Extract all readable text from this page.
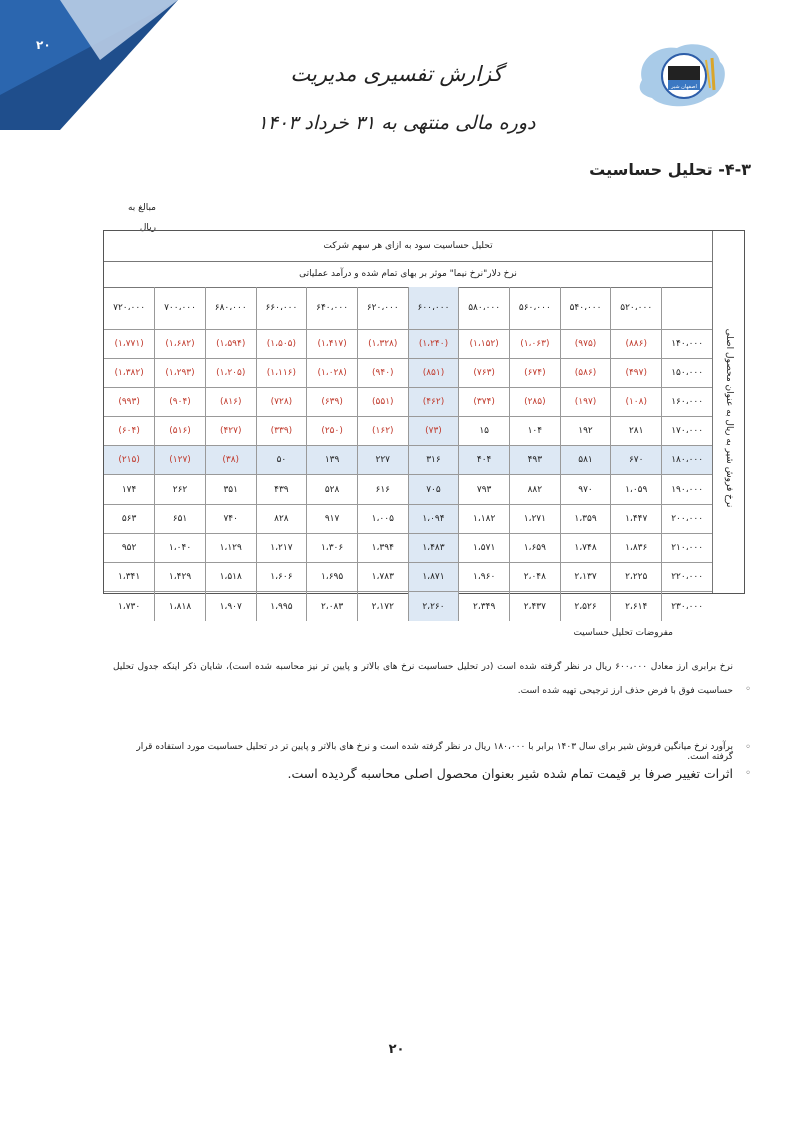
۲۰
اصفهان شیر
گزارش تفسیری مدیریت
دوره مالی منتهی به ۳۱ خرداد ۱۴۰۳
۴-۳- تحلیل حساسیت
مبالغ به
ریال
نرخ فروش شیر به ریال به عنوان محصول اصلی
تحلیل حساسیت سود به ازای هر سهم شرکت
نرخ دلار"نرخ نیما" موثر بر بهای تمام شده و درآمد عملیاتی
۷۲۰،۰۰۰	۷۰۰،۰۰۰	۶۸۰،۰۰۰	۶۶۰،۰۰۰	۶۴۰،۰۰۰	۶۲۰،۰۰۰	۶۰۰،۰۰۰	۵۸۰،۰۰۰	۵۶۰،۰۰۰	۵۴۰،۰۰۰	۵۲۰،۰۰۰	
(۱،۷۷۱)	(۱،۶۸۲)	(۱،۵۹۴)	(۱،۵۰۵)	(۱،۴۱۷)	(۱،۳۲۸)	(۱،۲۴۰)	(۱،۱۵۲)	(۱،۰۶۳)	(۹۷۵)	(۸۸۶)	۱۴۰،۰۰۰
(۱،۳۸۲)	(۱،۲۹۳)	(۱،۲۰۵)	(۱،۱۱۶)	(۱،۰۲۸)	(۹۴۰)	(۸۵۱)	(۷۶۳)	(۶۷۴)	(۵۸۶)	(۴۹۷)	۱۵۰،۰۰۰
(۹۹۳)	(۹۰۴)	(۸۱۶)	(۷۲۸)	(۶۳۹)	(۵۵۱)	(۴۶۲)	(۳۷۴)	(۲۸۵)	(۱۹۷)	(۱۰۸)	۱۶۰،۰۰۰
(۶۰۴)	(۵۱۶)	(۴۲۷)	(۳۳۹)	(۲۵۰)	(۱۶۲)	(۷۳)	۱۵	۱۰۴	۱۹۲	۲۸۱	۱۷۰،۰۰۰
(۲۱۵)	(۱۲۷)	(۳۸)	۵۰	۱۳۹	۲۲۷	۳۱۶	۴۰۴	۴۹۳	۵۸۱	۶۷۰	۱۸۰،۰۰۰
۱۷۴	۲۶۲	۳۵۱	۴۳۹	۵۲۸	۶۱۶	۷۰۵	۷۹۳	۸۸۲	۹۷۰	۱،۰۵۹	۱۹۰،۰۰۰
۵۶۳	۶۵۱	۷۴۰	۸۲۸	۹۱۷	۱،۰۰۵	۱،۰۹۴	۱،۱۸۲	۱،۲۷۱	۱،۳۵۹	۱،۴۴۷	۲۰۰،۰۰۰
۹۵۲	۱،۰۴۰	۱،۱۲۹	۱،۲۱۷	۱،۳۰۶	۱،۳۹۴	۱،۴۸۳	۱،۵۷۱	۱،۶۵۹	۱،۷۴۸	۱،۸۳۶	۲۱۰،۰۰۰
۱،۳۴۱	۱،۴۲۹	۱،۵۱۸	۱،۶۰۶	۱،۶۹۵	۱،۷۸۳	۱،۸۷۱	۱،۹۶۰	۲،۰۴۸	۲،۱۳۷	۲،۲۲۵	۲۲۰،۰۰۰
۱،۷۳۰	۱،۸۱۸	۱،۹۰۷	۱،۹۹۵	۲،۰۸۳	۲،۱۷۲	۲،۲۶۰	۲،۳۴۹	۲،۴۳۷	۲،۵۲۶	۲،۶۱۴	۲۳۰،۰۰۰
مفروضات تحلیل حساسیت
نرخ برابری ارز معادل ۶۰۰،۰۰۰ ریال در نظر گرفته شده است (در تحلیل حساسیت نرخ های بالاتر و پایین تر نیز محاسبه شده است)، شایان ذکر اینکه جدول تحلیل حساسیت فوق با فرض حذف ارز ترجیحی تهیه شده است.
برآورد نرخ میانگین فروش شیر برای سال ۱۴۰۳ برابر با ۱۸۰،۰۰۰ ریال در نظر گرفته شده است و نرخ های بالاتر و پایین تر در تحلیل حساسیت مورد استفاده قرار گرفته است.
اثرات تغییر صرفا بر قیمت تمام شده شیر بعنوان محصول اصلی محاسبه گردیده است.
◦
◦
◦
۲۰
